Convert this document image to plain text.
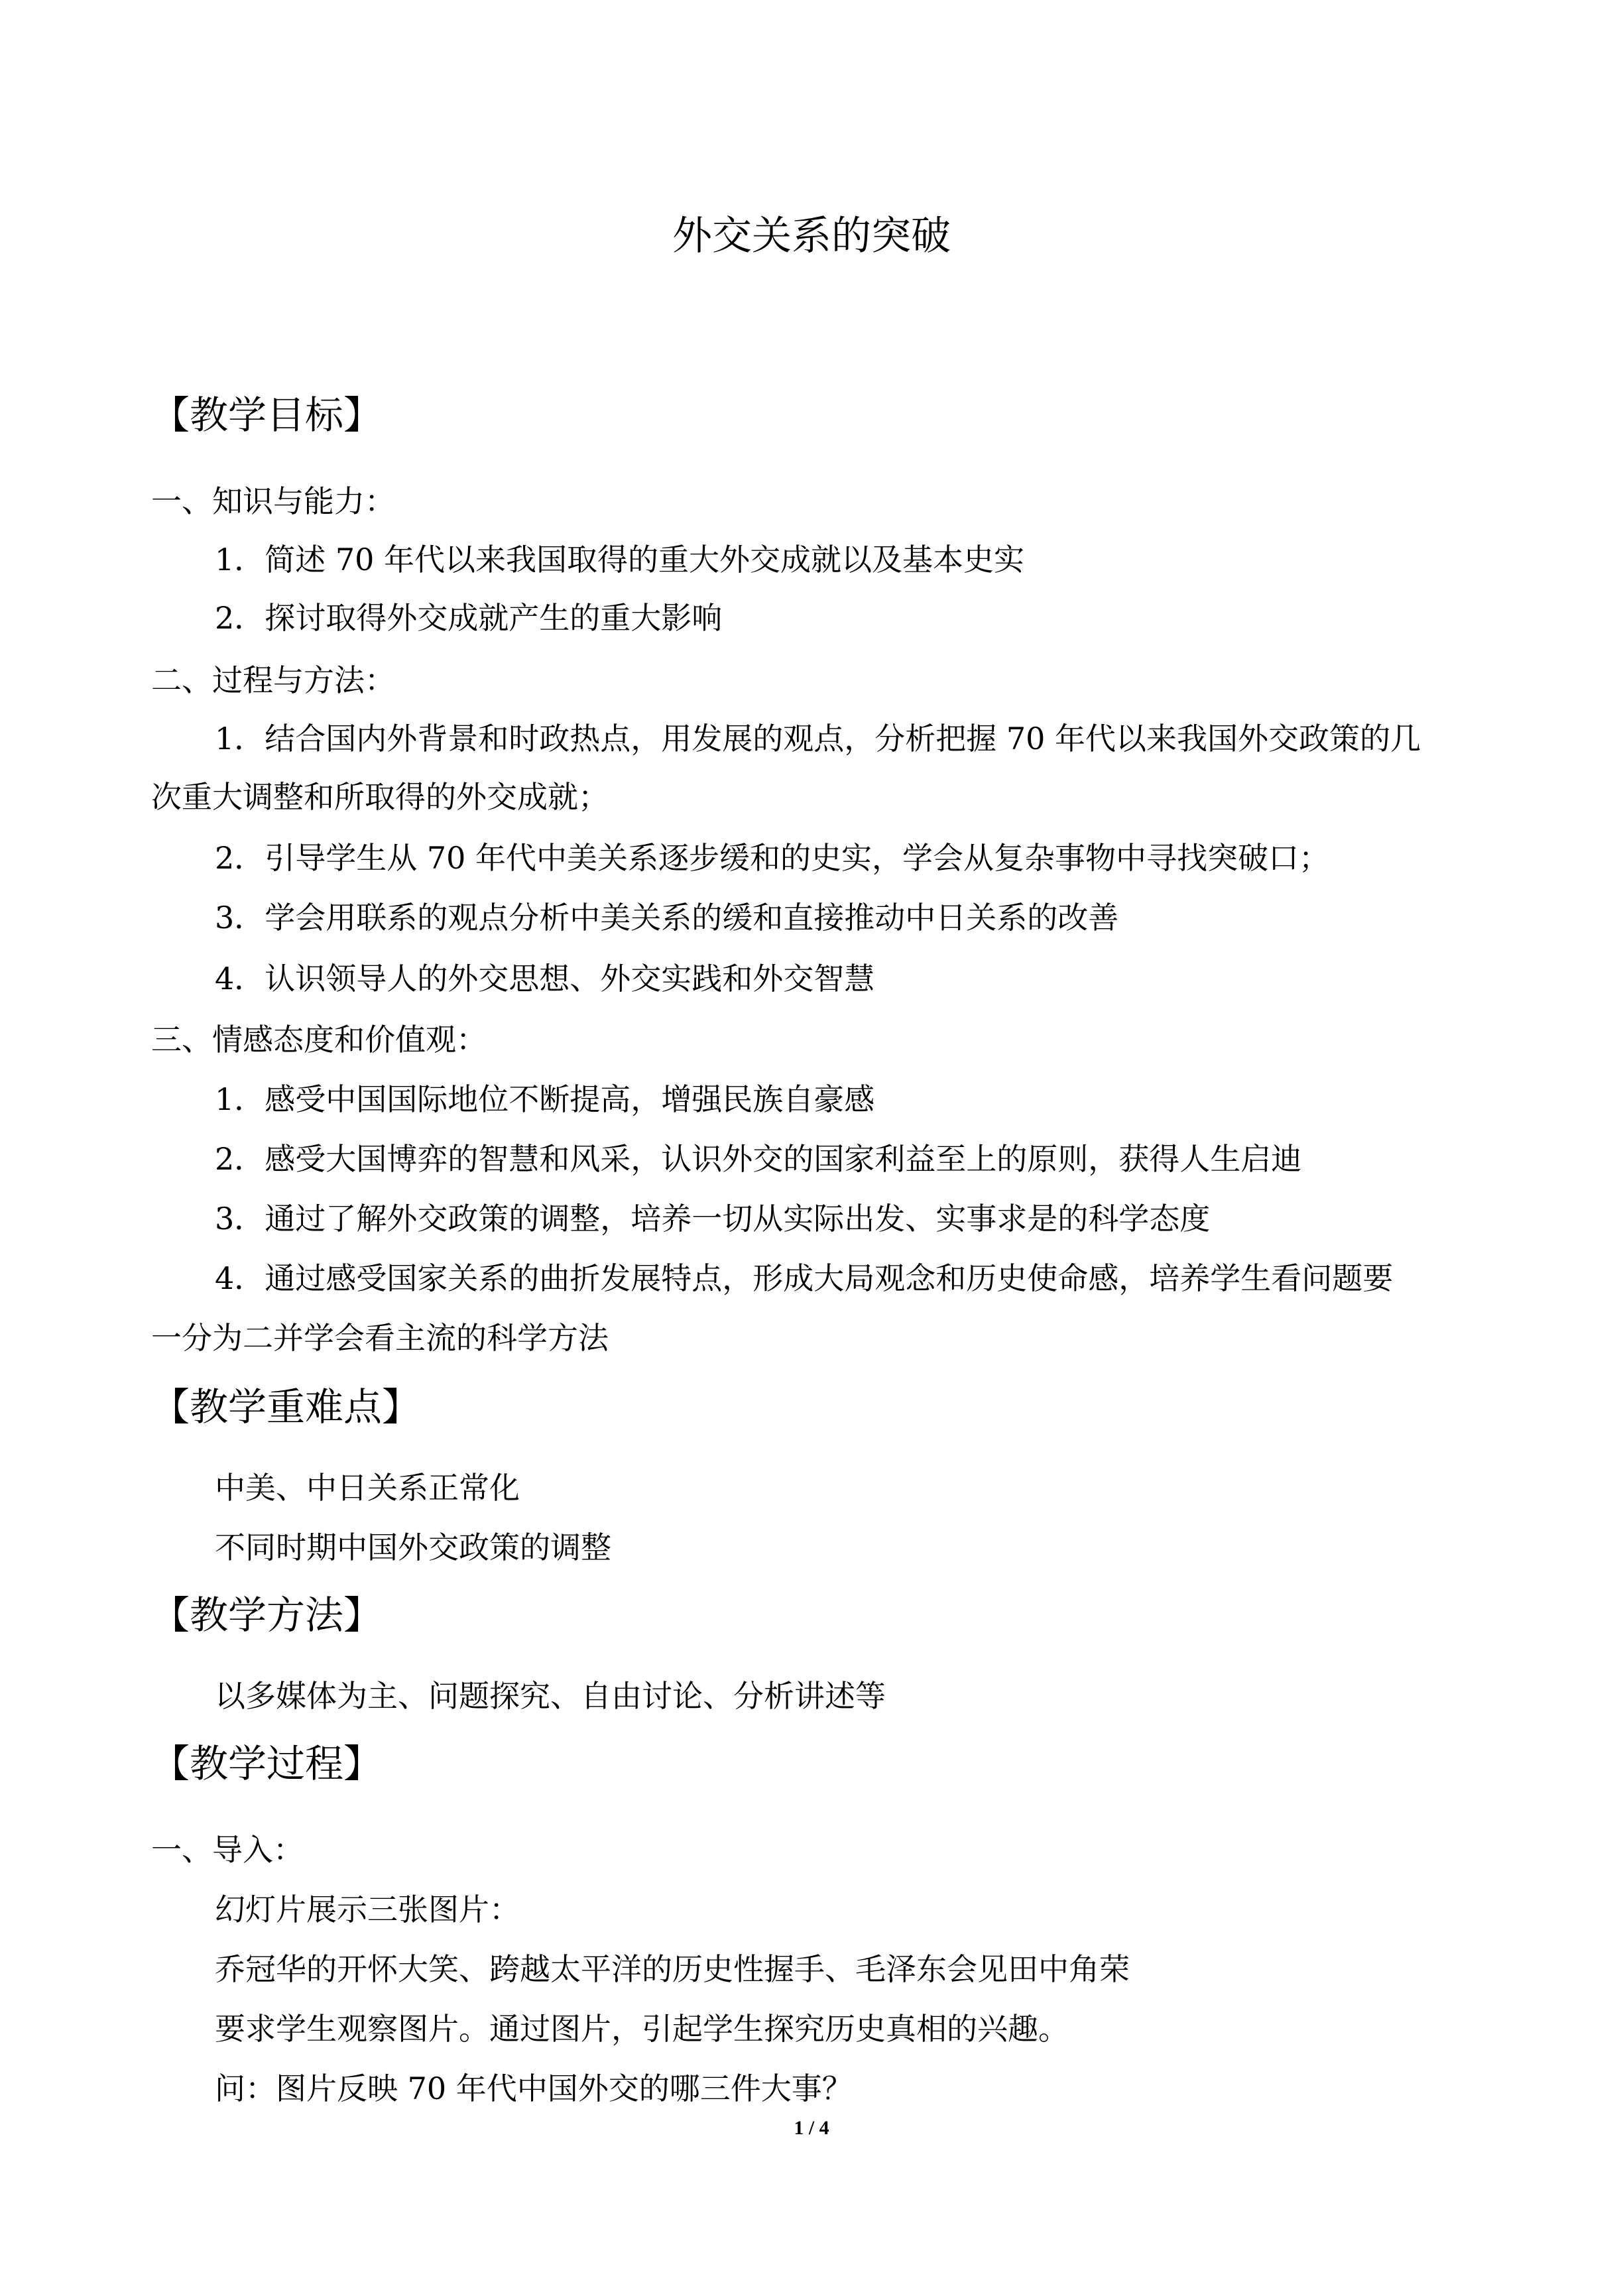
外交关系的突破
【教学目标】
一、知识与能力：
1．简述 70 年代以来我国取得的重大外交成就以及基本史实
2．探讨取得外交成就产生的重大影响
二、过程与方法：
1．结合国内外背景和时政热点，用发展的观点，分析把握 70 年代以来我国外交政策的几
次重大调整和所取得的外交成就；
2．引导学生从 70 年代中美关系逐步缓和的史实，学会从复杂事物中寻找突破口；
3．学会用联系的观点分析中美关系的缓和直接推动中日关系的改善
4．认识领导人的外交思想、外交实践和外交智慧
三、情感态度和价值观：
1．感受中国国际地位不断提高，增强民族自豪感
2．感受大国博弈的智慧和风采，认识外交的国家利益至上的原则，获得人生启迪
3．通过了解外交政策的调整，培养一切从实际出发、实事求是的科学态度
4．通过感受国家关系的曲折发展特点，形成大局观念和历史使命感，培养学生看问题要
一分为二并学会看主流的科学方法
【教学重难点】
中美、中日关系正常化
不同时期中国外交政策的调整
【教学方法】
以多媒体为主、问题探究、自由讨论、分析讲述等
【教学过程】
一、导入：
幻灯片展示三张图片：
乔冠华的开怀大笑、跨越太平洋的历史性握手、毛泽东会见田中角荣
要求学生观察图片。通过图片，引起学生探究历史真相的兴趣。
问：图片反映 70 年代中国外交的哪三件大事？
1 / 4
